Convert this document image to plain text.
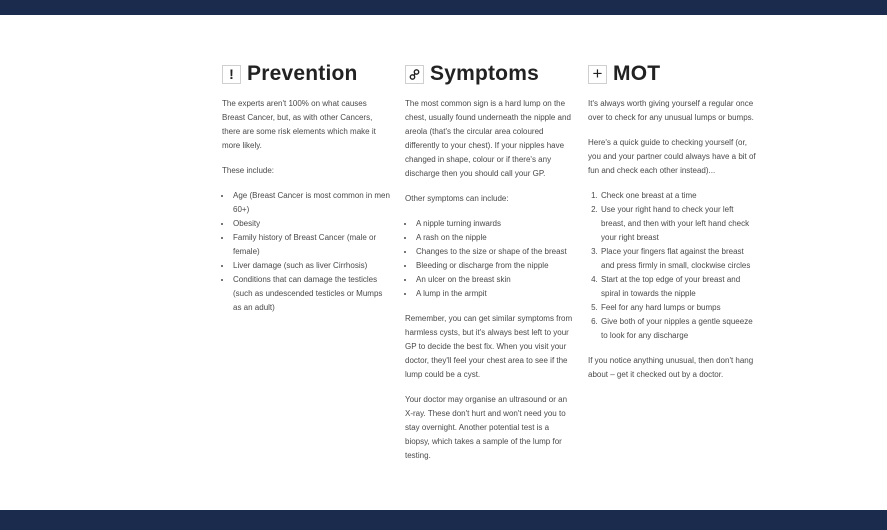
! Prevention

The experts aren't 100% on what causes Breast Cancer, but, as with other Cancers, there are some risk elements which make it more likely.

These include:

• Age (Breast Cancer is most common in men 60+)
• Obesity
• Family history of Breast Cancer (male or female)
• Liver damage (such as liver Cirrhosis)
• Conditions that can damage the testicles (such as undescended testicles or Mumps as an adult)
Symptoms

The most common sign is a hard lump on the chest, usually found underneath the nipple and areola (that's the circular area coloured differently to your chest). If your nipples have changed in shape, colour or if there's any discharge then you should call your GP.

Other symptoms can include:

• A nipple turning inwards
• A rash on the nipple
• Changes to the size or shape of the breast
• Bleeding or discharge from the nipple
• An ulcer on the breast skin
• A lump in the armpit

Remember, you can get similar symptoms from harmless cysts, but it's always best left to your GP to decide the best fix. When you visit your doctor, they'll feel your chest area to see if the lump could be a cyst.

Your doctor may organise an ultrasound or an X-ray. These don't hurt and won't need you to stay overnight. Another potential test is a biopsy, which takes a sample of the lump for testing.

+ MOT

It's always worth giving yourself a regular once over to check for any unusual lumps or bumps.

Here's a quick guide to checking yourself (or, you and your partner could always have a bit of fun and check each other instead)...

1. Check one breast at a time
2. Use your right hand to check your left breast, and then with your left hand check your right breast
3. Place your fingers flat against the breast and press firmly in small, clockwise circles
4. Start at the top edge of your breast and spiral in towards the nipple
5. Feel for any hard lumps or bumps
6. Give both of your nipples a gentle squeeze to look for any discharge

If you notice anything unusual, then don't hang about – get it checked out by a doctor.
